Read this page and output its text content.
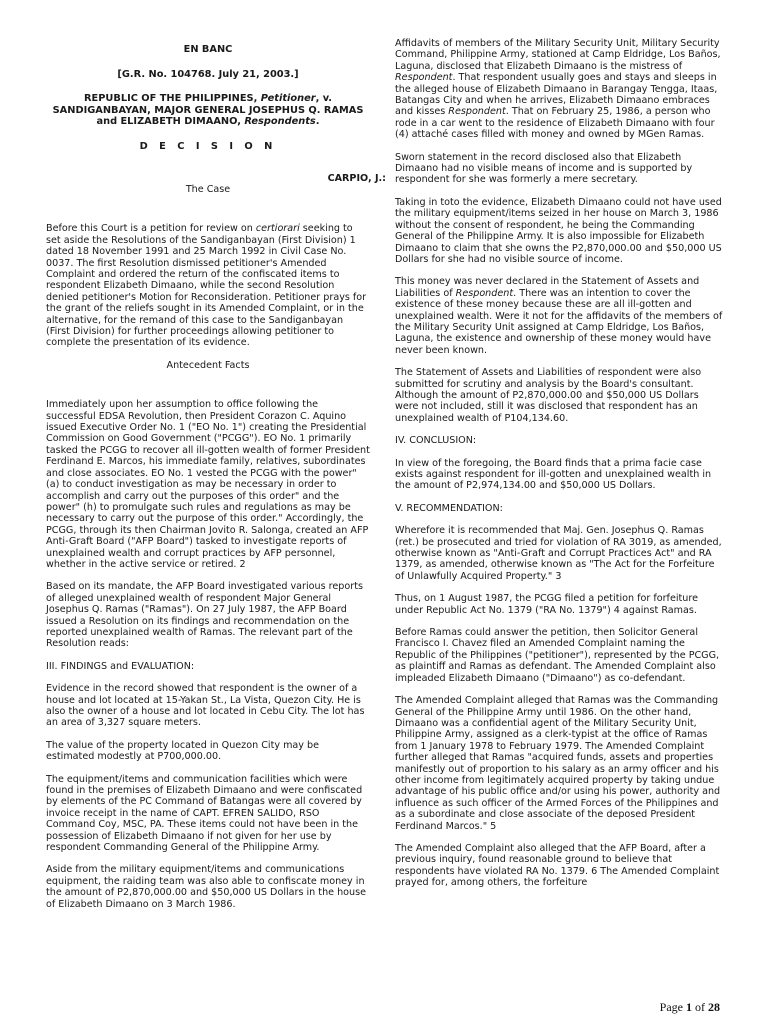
EN BANC
[G.R. No. 104768. July 21, 2003.]
REPUBLIC OF THE PHILIPPINES, Petitioner, v. SANDIGANBAYAN, MAJOR GENERAL JOSEPHUS Q. RAMAS and ELIZABETH DIMAANO, Respondents.
D E C I S I O N
CARPIO, J.:
The Case

Before this Court is a petition for review on certiorari seeking to set aside the Resolutions of the Sandiganbayan (First Division) 1 dated 18 November 1991 and 25 March 1992 in Civil Case No. 0037. The first Resolution dismissed petitioner's Amended Complaint and ordered the return of the confiscated items to respondent Elizabeth Dimaano, while the second Resolution denied petitioner's Motion for Reconsideration. Petitioner prays for the grant of the reliefs sought in its Amended Complaint, or in the alternative, for the remand of this case to the Sandiganbayan (First Division) for further proceedings allowing petitioner to complete the presentation of its evidence.

Antecedent Facts

Immediately upon her assumption to office following the successful EDSA Revolution, then President Corazon C. Aquino issued Executive Order No. 1 ("EO No. 1") creating the Presidential Commission on Good Government ("PCGG"). EO No. 1 primarily tasked the PCGG to recover all ill-gotten wealth of former President Ferdinand E. Marcos, his immediate family, relatives, subordinates and close associates. EO No. 1 vested the PCGG with the power" (a) to conduct investigation as may be necessary in order to accomplish and carry out the purposes of this order" and the power" (h) to promulgate such rules and regulations as may be necessary to carry out the purpose of this order." Accordingly, the PCGG, through its then Chairman Jovito R. Salonga, created an AFP Anti-Graft Board ("AFP Board") tasked to investigate reports of unexplained wealth and corrupt practices by AFP personnel, whether in the active service or retired. 2

Based on its mandate, the AFP Board investigated various reports of alleged unexplained wealth of respondent Major General Josephus Q. Ramas ("Ramas"). On 27 July 1987, the AFP Board issued a Resolution on its findings and recommendation on the reported unexplained wealth of Ramas. The relevant part of the Resolution reads:

III. FINDINGS and EVALUATION:

Evidence in the record showed that respondent is the owner of a house and lot located at 15-Yakan St., La Vista, Quezon City. He is also the owner of a house and lot located in Cebu City. The lot has an area of 3,327 square meters.

The value of the property located in Quezon City may be estimated modestly at P700,000.00.

The equipment/items and communication facilities which were found in the premises of Elizabeth Dimaano and were confiscated by elements of the PC Command of Batangas were all covered by invoice receipt in the name of CAPT. EFREN SALIDO, RSO Command Coy, MSC, PA. These items could not have been in the possession of Elizabeth Dimaano if not given for her use by respondent Commanding General of the Philippine Army.

Aside from the military equipment/items and communications equipment, the raiding team was also able to confiscate money in the amount of P2,870,000.00 and $50,000 US Dollars in the house of Elizabeth Dimaano on 3 March 1986.

Affidavits of members of the Military Security Unit, Military Security Command, Philippine Army, stationed at Camp Eldridge, Los Baños, Laguna, disclosed that Elizabeth Dimaano is the mistress of Respondent. That respondent usually goes and stays and sleeps in the alleged house of Elizabeth Dimaano in Barangay Tengga, Itaas, Batangas City and when he arrives, Elizabeth Dimaano embraces and kisses Respondent. That on February 25, 1986, a person who rode in a car went to the residence of Elizabeth Dimaano with four (4) attaché cases filled with money and owned by MGen Ramas.

Sworn statement in the record disclosed also that Elizabeth Dimaano had no visible means of income and is supported by respondent for she was formerly a mere secretary.

Taking in toto the evidence, Elizabeth Dimaano could not have used the military equipment/items seized in her house on March 3, 1986 without the consent of respondent, he being the Commanding General of the Philippine Army. It is also impossible for Elizabeth Dimaano to claim that she owns the P2,870,000.00 and $50,000 US Dollars for she had no visible source of income.

This money was never declared in the Statement of Assets and Liabilities of Respondent. There was an intention to cover the existence of these money because these are all ill-gotten and unexplained wealth. Were it not for the affidavits of the members of the Military Security Unit assigned at Camp Eldridge, Los Baños, Laguna, the existence and ownership of these money would have never been known.

The Statement of Assets and Liabilities of respondent were also submitted for scrutiny and analysis by the Board's consultant. Although the amount of P2,870,000.00 and $50,000 US Dollars were not included, still it was disclosed that respondent has an unexplained wealth of P104,134.60.

IV. CONCLUSION:

In view of the foregoing, the Board finds that a prima facie case exists against respondent for ill-gotten and unexplained wealth in the amount of P2,974,134.00 and $50,000 US Dollars.

V. RECOMMENDATION:

Wherefore it is recommended that Maj. Gen. Josephus Q. Ramas (ret.) be prosecuted and tried for violation of RA 3019, as amended, otherwise known as "Anti-Graft and Corrupt Practices Act" and RA 1379, as amended, otherwise known as "The Act for the Forfeiture of Unlawfully Acquired Property." 3

Thus, on 1 August 1987, the PCGG filed a petition for forfeiture under Republic Act No. 1379 ("RA No. 1379") 4 against Ramas.

Before Ramas could answer the petition, then Solicitor General Francisco I. Chavez filed an Amended Complaint naming the Republic of the Philippines ("petitioner"), represented by the PCGG, as plaintiff and Ramas as defendant. The Amended Complaint also impleaded Elizabeth Dimaano ("Dimaano") as co-defendant.

The Amended Complaint alleged that Ramas was the Commanding General of the Philippine Army until 1986. On the other hand, Dimaano was a confidential agent of the Military Security Unit, Philippine Army, assigned as a clerk-typist at the office of Ramas from 1 January 1978 to February 1979. The Amended Complaint further alleged that Ramas "acquired funds, assets and properties manifestly out of proportion to his salary as an army officer and his other income from legitimately acquired property by taking undue advantage of his public office and/or using his power, authority and influence as such officer of the Armed Forces of the Philippines and as a subordinate and close associate of the deposed President Ferdinand Marcos." 5

The Amended Complaint also alleged that the AFP Board, after a previous inquiry, found reasonable ground to believe that respondents have violated RA No. 1379. 6 The Amended Complaint prayed for, among others, the forfeiture

Page 1 of 28
